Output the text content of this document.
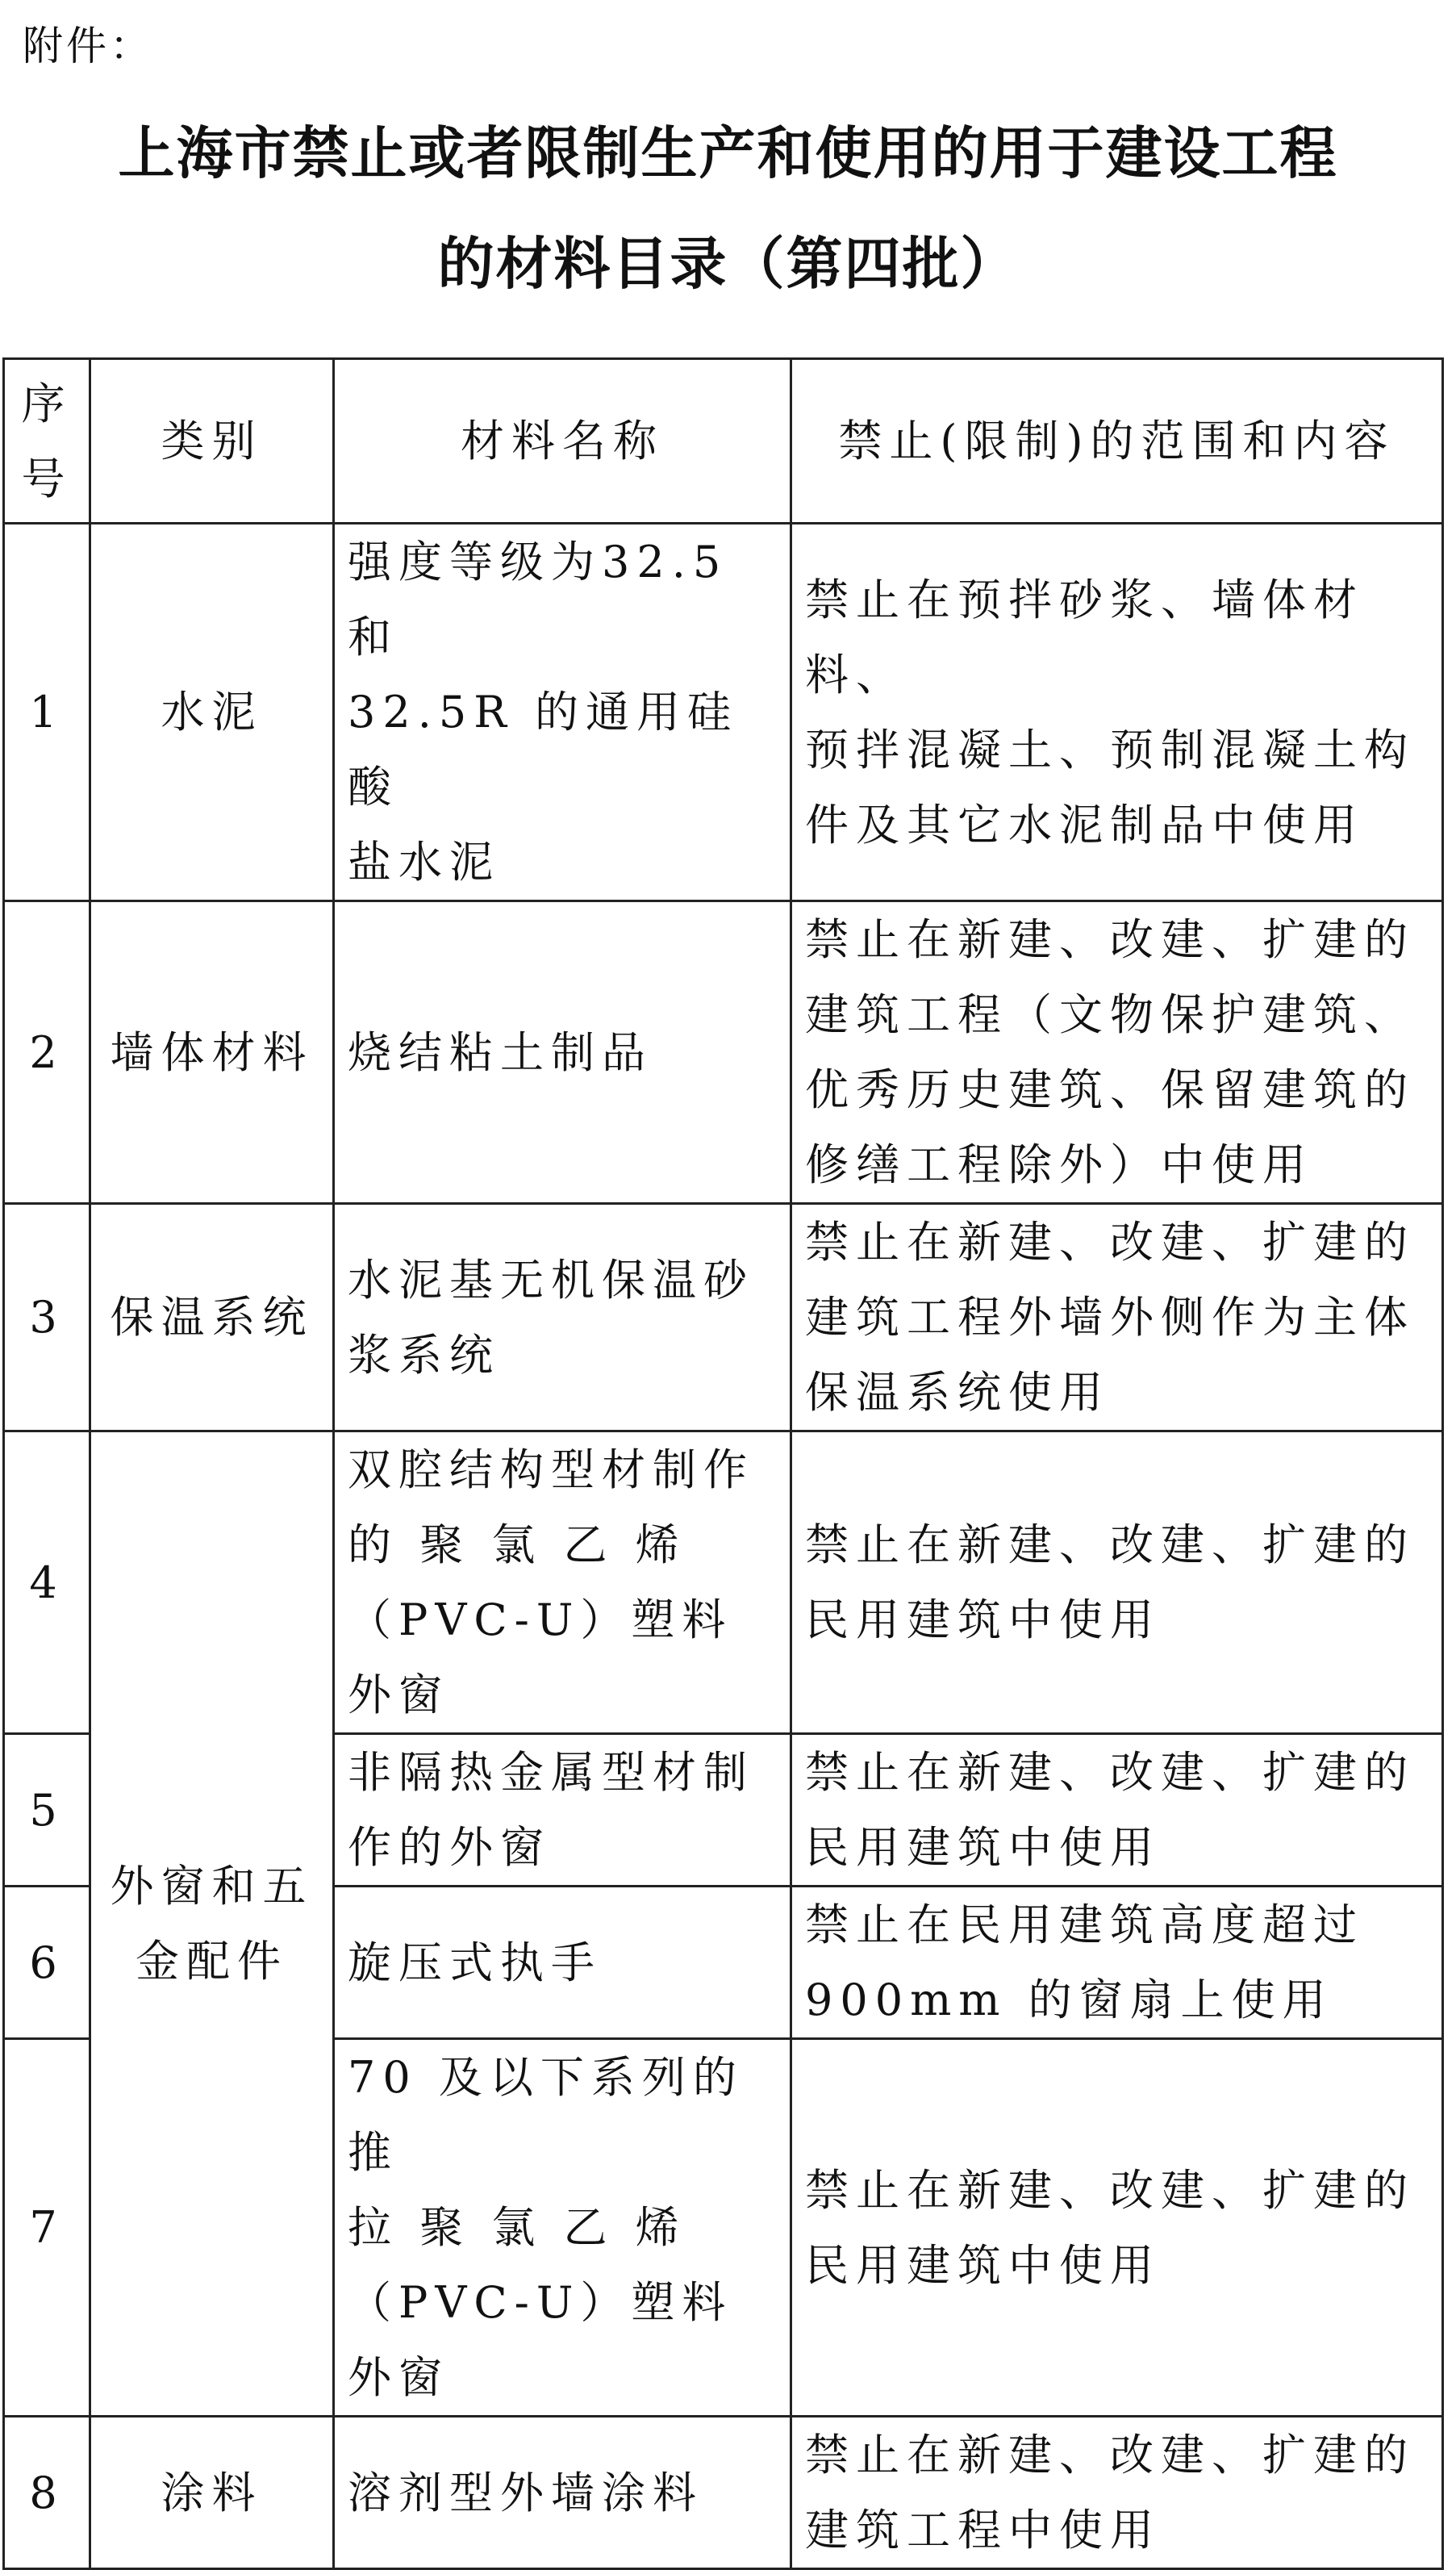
附件：
上海市禁止或者限制生产和使用的用于建设工程
的材料目录（第四批）
序
号	类别	材料名称	禁止(限制)的范围和内容
1	水泥	强度等级为32.5和
32.5R 的通用硅酸
盐水泥	禁止在预拌砂浆、墙体材料、
预拌混凝土、预制混凝土构
件及其它水泥制品中使用

2	墙体材料	烧结粘土制品	禁止在新建、改建、扩建的
建筑工程（文物保护建筑、
优秀历史建筑、保留建筑的
修缮工程除外）中使用

3	保温系统	水泥基无机保温砂
浆系统	禁止在新建、改建、扩建的
建筑工程外墙外侧作为主体
保温系统使用

4	外窗和五
金配件	双腔结构型材制作
的 聚 氯 乙 烯
（PVC-U）塑料外窗	禁止在新建、改建、扩建的
民用建筑中使用

5		非隔热金属型材制
作的外窗	禁止在新建、改建、扩建的
民用建筑中使用

6		旋压式执手	禁止在民用建筑高度超过
900mm 的窗扇上使用

7		70 及以下系列的推
拉 聚 氯 乙 烯
（PVC-U）塑料外窗	禁止在新建、改建、扩建的
民用建筑中使用

8	涂料	溶剂型外墙涂料	禁止在新建、改建、扩建的
建筑工程中使用
